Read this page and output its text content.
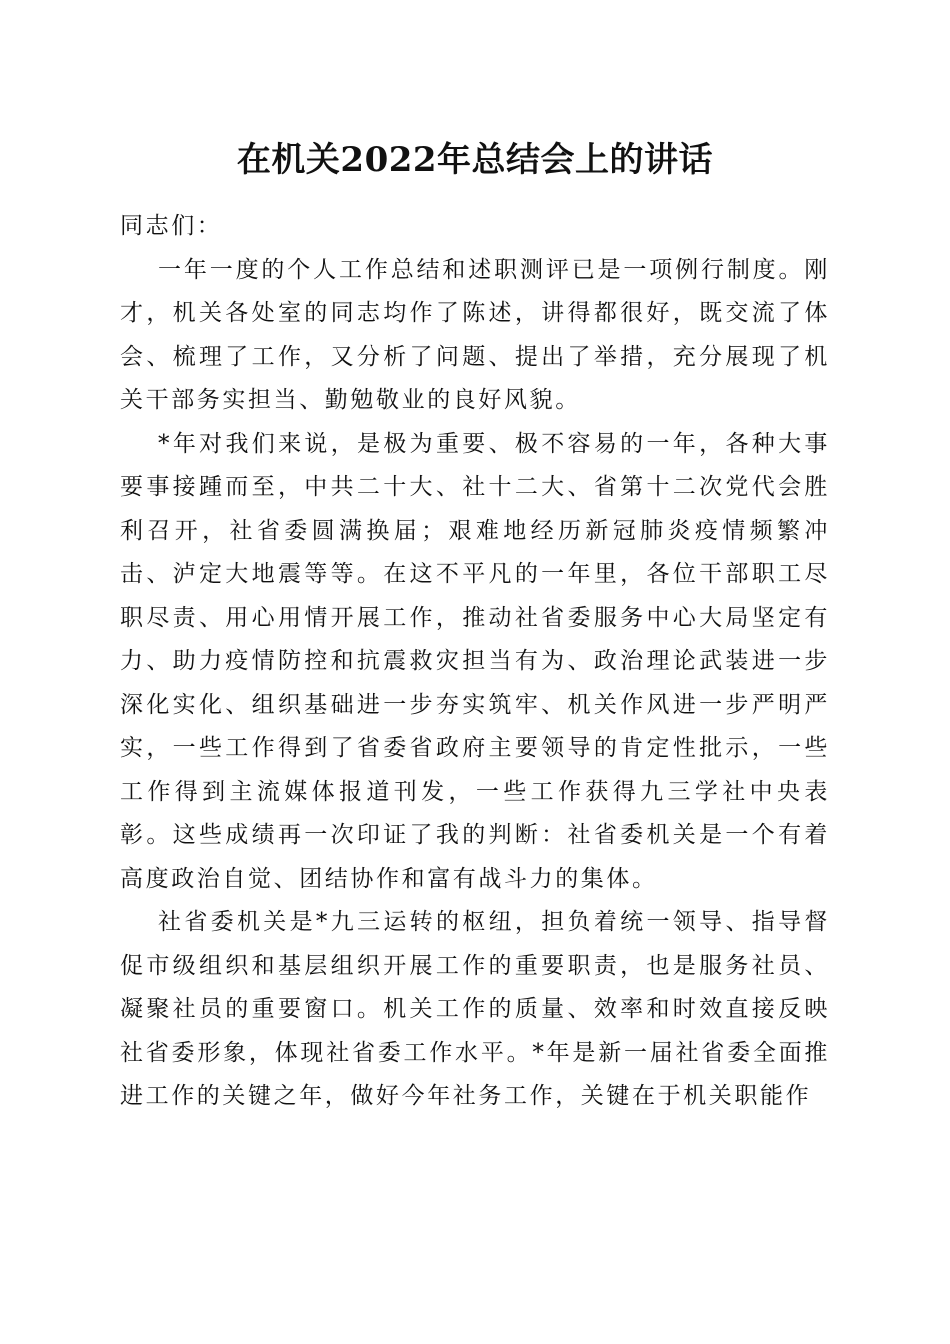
在机关2022年总结会上的讲话

同志们：

一年一度的个人工作总结和述职测评已是一项例行制度。刚才，机关各处室的同志均作了陈述，讲得都很好，既交流了体会、梳理了工作，又分析了问题、提出了举措，充分展现了机关干部务实担当、勤勉敬业的良好风貌。

*年对我们来说，是极为重要、极不容易的一年，各种大事要事接踵而至，中共二十大、社十二大、省第十二次党代会胜利召开，社省委圆满换届；艰难地经历新冠肺炎疫情频繁冲击、泸定大地震等等。在这不平凡的一年里，各位干部职工尽职尽责、用心用情开展工作，推动社省委服务中心大局坚定有力、助力疫情防控和抗震救灾担当有为、政治理论武装进一步深化实化、组织基础进一步夯实筑牢、机关作风进一步严明严实，一些工作得到了省委省政府主要领导的肯定性批示，一些工作得到主流媒体报道刊发，一些工作获得九三学社中央表彰。这些成绩再一次印证了我的判断：社省委机关是一个有着高度政治自觉、团结协作和富有战斗力的集体。

社省委机关是*九三运转的枢纽，担负着统一领导、指导督促市级组织和基层组织开展工作的重要职责，也是服务社员、凝聚社员的重要窗口。机关工作的质量、效率和时效直接反映社省委形象，体现社省委工作水平。*年是新一届社省委全面推进工作的关键之年，做好今年社务工作，关键在于机关职能作
